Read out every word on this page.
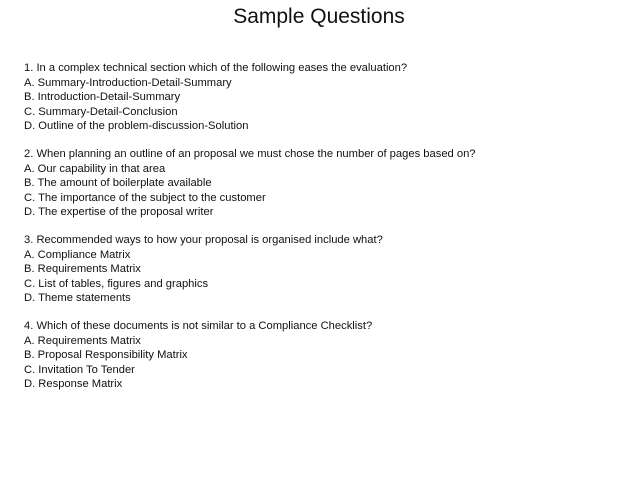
Sample Questions
1. In a complex technical section which of the following eases the evaluation?
A. Summary-Introduction-Detail-Summary
B. Introduction-Detail-Summary
C. Summary-Detail-Conclusion
D. Outline of the problem-discussion-Solution
2. When planning an outline of an proposal we must chose the number of pages based on?
A. Our capability in that area
B. The amount of boilerplate available
C. The importance of the subject to the customer
D. The expertise of the proposal writer
3. Recommended ways to how your proposal is organised include what?
A. Compliance Matrix
B. Requirements Matrix
C. List of tables, figures and graphics
D. Theme statements
4. Which of these documents is not similar to a Compliance Checklist?
A. Requirements Matrix
B. Proposal Responsibility Matrix
C. Invitation To Tender
D. Response Matrix
